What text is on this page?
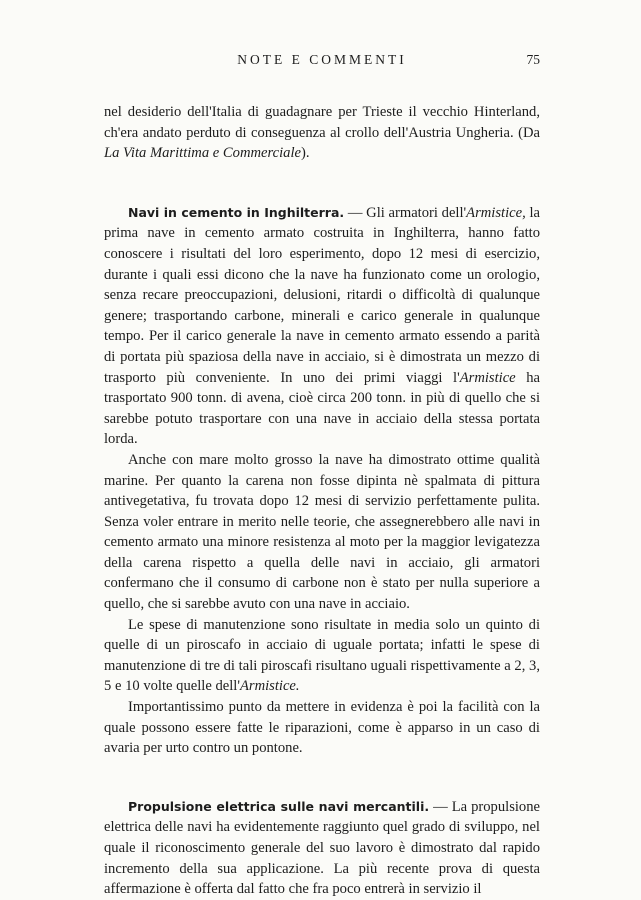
NOTE E COMMENTI	75

nel desiderio dell'Italia di guadagnare per Trieste il vecchio Hinterland, ch'era andato perduto di conseguenza al crollo dell'Austria Ungheria. (Da La Vita Marittima e Commerciale).

Navi in cemento in Inghilterra. — Gli armatori dell'Armistice, la prima nave in cemento armato costruita in Inghilterra, hanno fatto conoscere i risultati del loro esperimento, dopo 12 mesi di esercizio, durante i quali essi dicono che la nave ha funzionato come un orologio, senza recare preoccupazioni, delusioni, ritardi o difficoltà di qualunque genere; trasportando carbone, minerali e carico generale in qualunque tempo. Per il carico generale la nave in cemento armato essendo a parità di portata più spaziosa della nave in acciaio, si è dimostrata un mezzo di trasporto più conveniente. In uno dei primi viaggi l'Armistice ha trasportato 900 tonn. di avena, cioè circa 200 tonn. in più di quello che si sarebbe potuto trasportare con una nave in acciaio della stessa portata lorda.

Anche con mare molto grosso la nave ha dimostrato ottime qualità marine. Per quanto la carena non fosse dipinta nè spalmata di pittura antivegetativa, fu trovata dopo 12 mesi di servizio perfettamente pulita. Senza voler entrare in merito nelle teorie, che assegnerebbero alle navi in cemento armato una minore resistenza al moto per la maggior levigatezza della carena rispetto a quella delle navi in acciaio, gli armatori confermano che il consumo di carbone non è stato per nulla superiore a quello, che si sarebbe avuto con una nave in acciaio.

Le spese di manutenzione sono risultate in media solo un quinto di quelle di un piroscafo in acciaio di uguale portata; infatti le spese di manutenzione di tre di tali piroscafi risultano uguali rispettivamente a 2, 3, 5 e 10 volte quelle dell'Armistice.

Importantissimo punto da mettere in evidenza è poi la facilità con la quale possono essere fatte le riparazioni, come è apparso in un caso di avaria per urto contro un pontone.

Propulsione elettrica sulle navi mercantili. — La propulsione elettrica delle navi ha evidentemente raggiunto quel grado di sviluppo, nel quale il riconoscimento generale del suo lavoro è dimostrato dal rapido incremento della sua applicazione. La più recente prova di questa affermazione è offerta dal fatto che fra poco entrerà in servizio il
